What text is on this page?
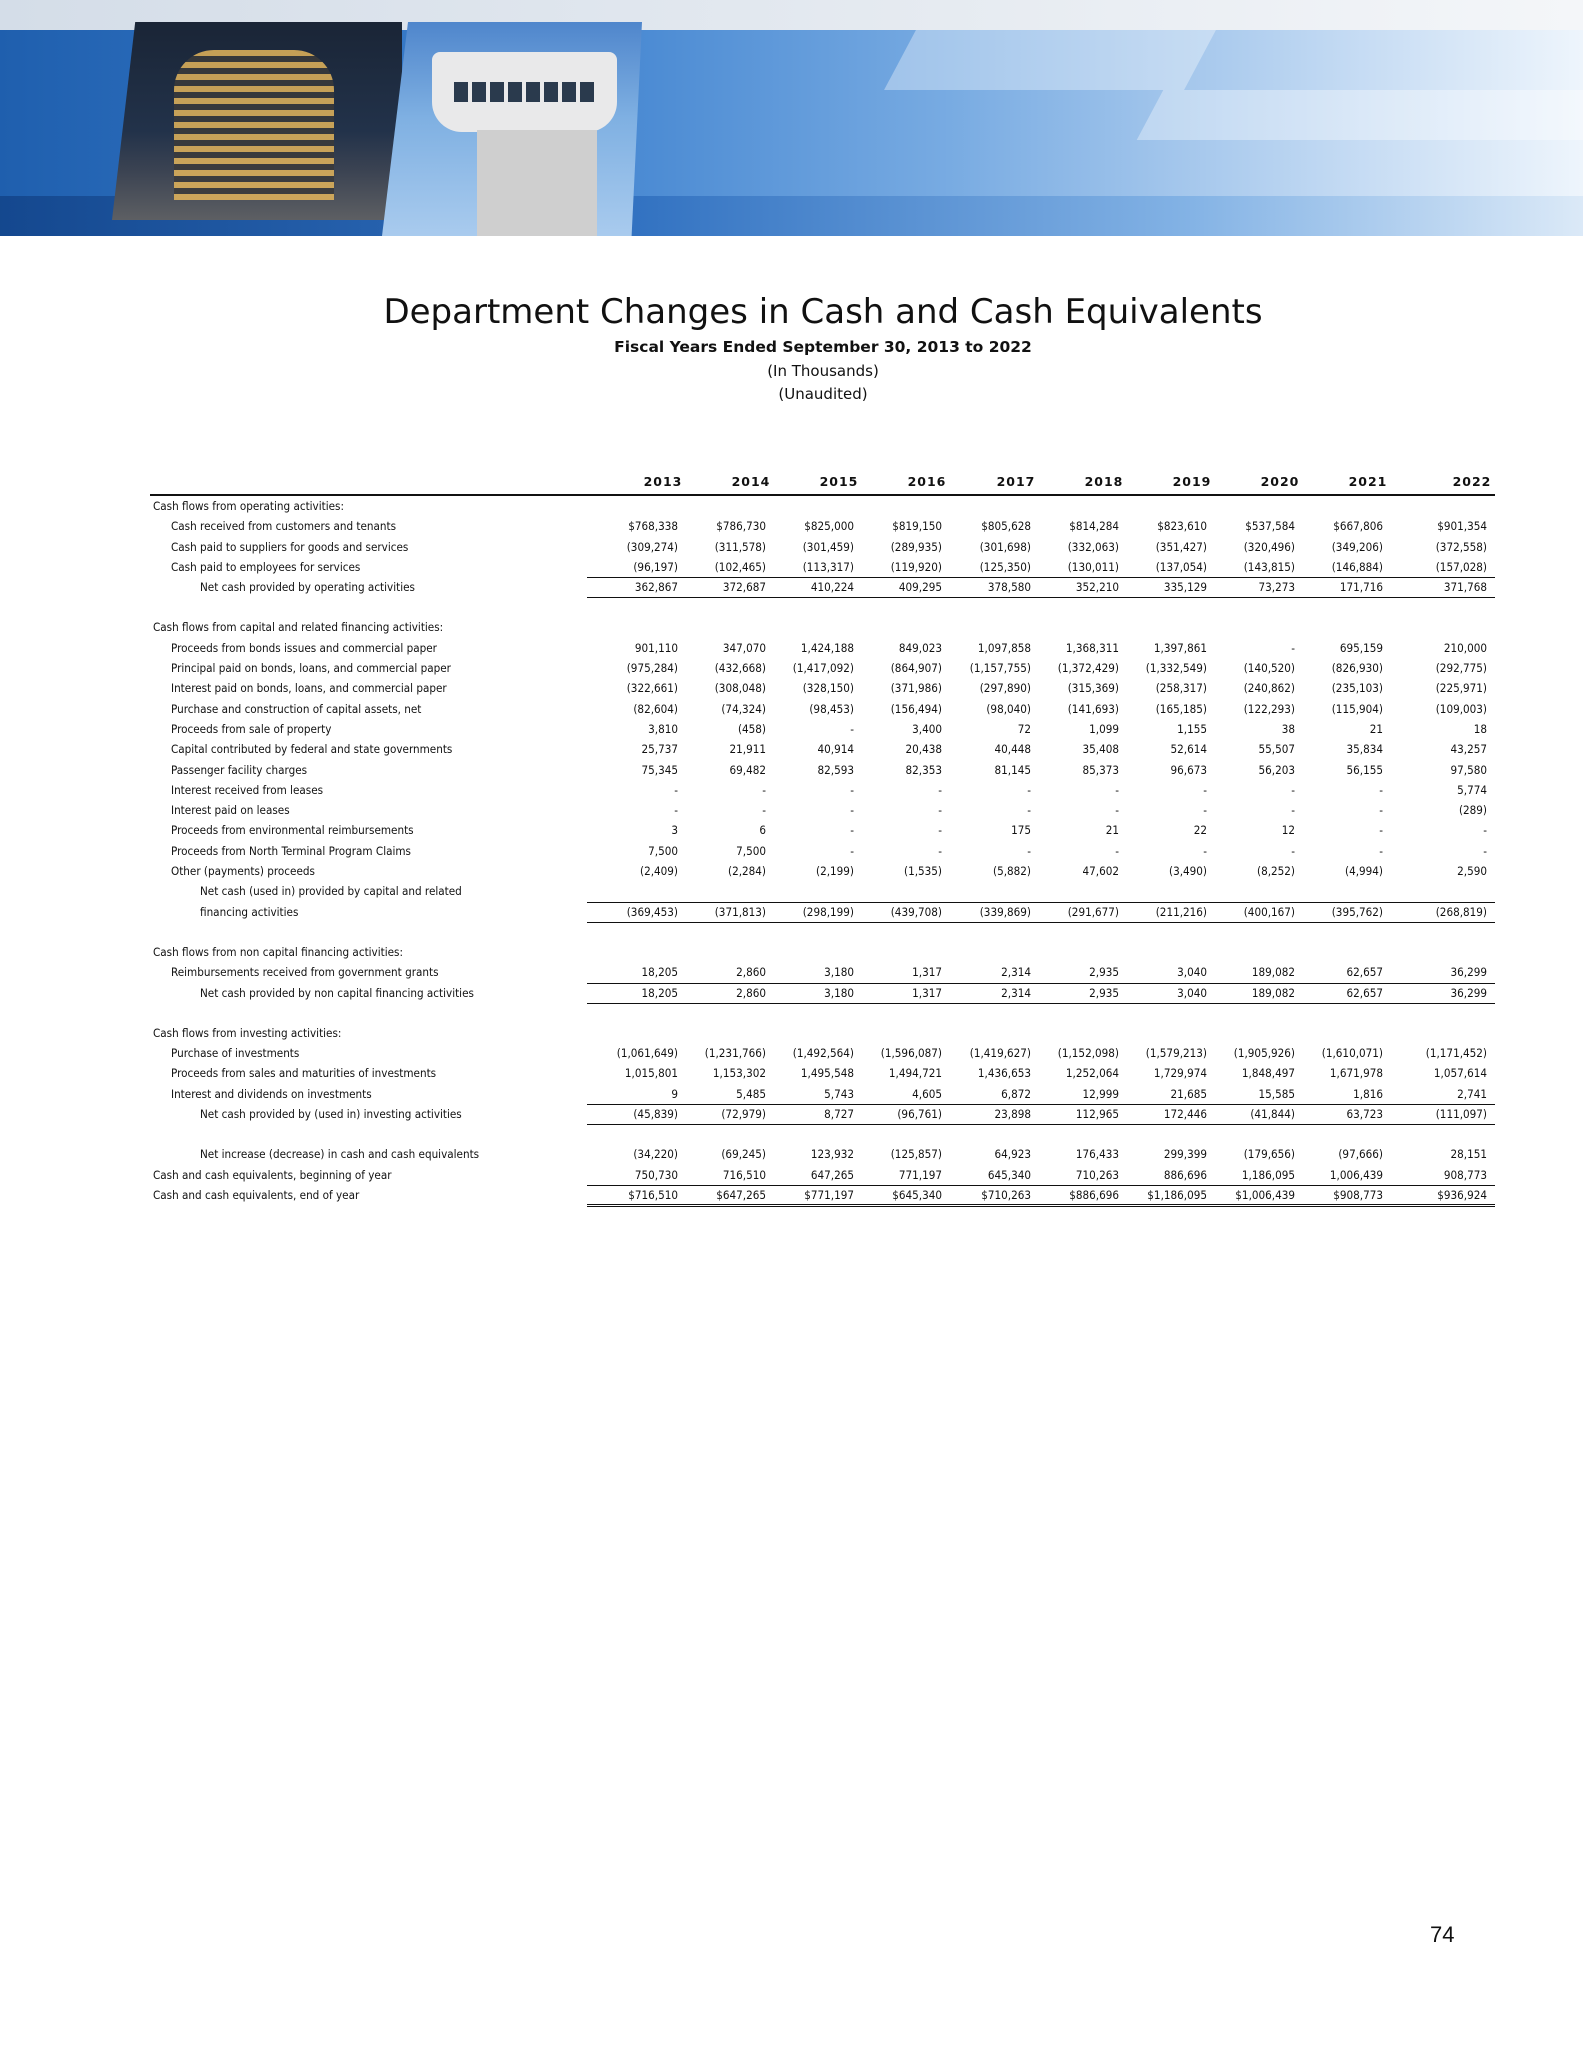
Department Changes in Cash and Cash Equivalents
Fiscal Years Ended September 30, 2013 to 2022
(In Thousands)
(Unaudited)
2013	2014	2015	2016	2017	2018	2019	2020	2021	2022
Cash flows from operating activities:
Cash received from customers and tenants	$768,338	$786,730	$825,000	$819,150	$805,628	$814,284	$823,610	$537,584	$667,806	$901,354
Cash paid to suppliers for goods and services	(309,274)	(311,578)	(301,459)	(289,935)	(301,698)	(332,063)	(351,427)	(320,496)	(349,206)	(372,558)
Cash paid to employees for services	(96,197)	(102,465)	(113,317)	(119,920)	(125,350)	(130,011)	(137,054)	(143,815)	(146,884)	(157,028)
Net cash provided by operating activities	362,867	372,687	410,224	409,295	378,580	352,210	335,129	73,273	171,716	371,768
Cash flows from capital and related financing activities:
Proceeds from bonds issues and commercial paper	901,110	347,070	1,424,188	849,023	1,097,858	1,368,311	1,397,861	-	695,159	210,000
Principal paid on bonds, loans, and commercial paper	(975,284)	(432,668) (1,417,092)	(864,907) (1,157,755) (1,372,429) (1,332,549)	(140,520)	(826,930)	(292,775)
Interest paid on bonds, loans, and commercial paper	(322,661)	(308,048)	(328,150)	(371,986)	(297,890)	(315,369)	(258,317)	(240,862)	(235,103)	(225,971)
Purchase and construction of capital assets, net	(82,604)	(74,324)	(98,453)	(156,494)	(98,040)	(141,693)	(165,185)	(122,293)	(115,904)	(109,003)
Proceeds from sale of property	3,810	(458)	-	3,400	72	1,099	1,155	38	21	18
Capital contributed by federal and state governments	25,737	21,911	40,914	20,438	40,448	35,408	52,614	55,507	35,834	43,257
Passenger facility charges	75,345	69,482	82,593	82,353	81,145	85,373	96,673	56,203	56,155	97,580
Interest received from leases	-	-	-	-	-	-	-	-	-	5,774
Interest paid on leases	-	-	-	-	-	-	-	-	-	(289)
Proceeds from environmental reimbursements	3	6	-	-	175	21	22	12	-	-
Proceeds from North Terminal Program Claims	7,500	7,500	-	-	-	-	-	-	-	-
Other (payments) proceeds	(2,409)	(2,284)	(2,199)	(1,535)	(5,882)	47,602	(3,490)	(8,252)	(4,994)	2,590
Net cash (used in) provided by capital and related
financing activities	(369,453)	(371,813)	(298,199)	(439,708)	(339,869)	(291,677)	(211,216)	(400,167)	(395,762)	(268,819)
Cash flows from non capital financing activities:
Reimbursements received from government grants	18,205	2,860	3,180	1,317	2,314	2,935	3,040	189,082	62,657	36,299
Net cash provided by non capital financing activities	18,205	2,860	3,180	1,317	2,314	2,935	3,040	189,082	62,657	36,299
Cash flows from investing activities:
Purchase of investments	(1,061,649) (1,231,766) (1,492,564) (1,596,087) (1,419,627) (1,152,098) (1,579,213) (1,905,926) (1,610,071)	(1,171,452)
Proceeds from sales and maturities of investments	1,015,801	1,153,302	1,495,548	1,494,721	1,436,653	1,252,064	1,729,974	1,848,497	1,671,978	1,057,614
Interest and dividends on investments	9	5,485	5,743	4,605	6,872	12,999	21,685	15,585	1,816	2,741
Net cash provided by (used in) investing activities	(45,839)	(72,979)	8,727	(96,761)	23,898	112,965	172,446	(41,844)	63,723	(111,097)
Net increase (decrease) in cash and cash equivalents	(34,220)	(69,245)	123,932	(125,857)	64,923	176,433	299,399	(179,656)	(97,666)	28,151
Cash and cash equivalents, beginning of year	750,730	716,510	647,265	771,197	645,340	710,263	886,696	1,186,095	1,006,439	908,773
Cash and cash equivalents, end of year	$716,510	$647,265	$771,197	$645,340	$710,263	$886,696 $1,186,095 $1,006,439	$908,773	$936,924
74
